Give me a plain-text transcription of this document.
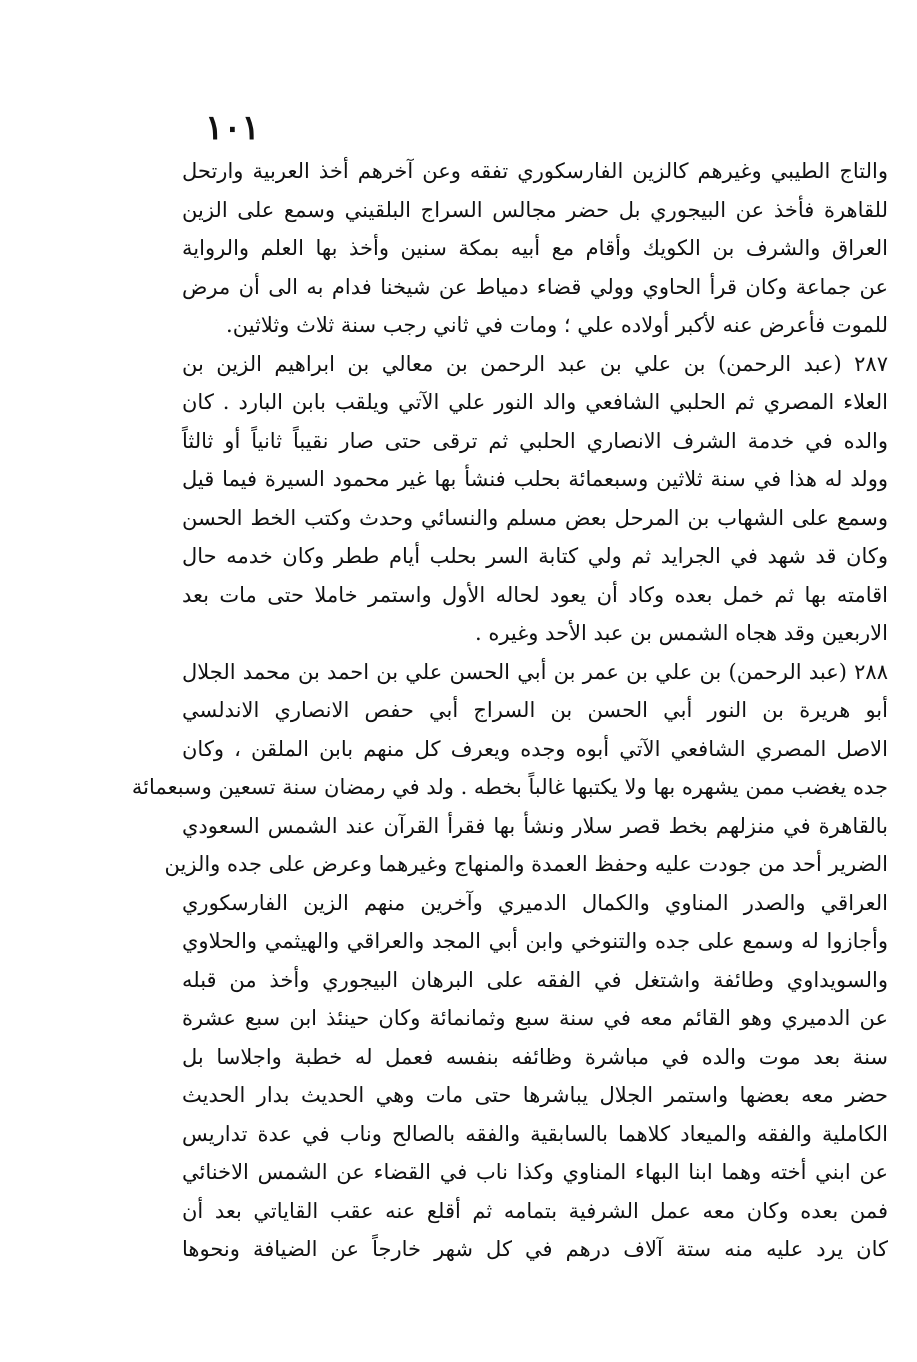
١٠١
والتاج الطيبي وغيرهم كالزين الفارسكوري تفقه وعن آخرهم أخذ العربية وارتحل
للقاهرة فأخذ عن البيجوري بل حضر مجالس السراج البلقيني وسمع على الزين
العراق والشرف بن الكويك وأقام مع أبيه بمكة سنين وأخذ بها العلم والرواية
عن جماعة وكان قرأ الحاوي وولي قضاء دمياط عن شيخنا فدام به الى أن مرض
للموت فأعرض عنه لأكبر أولاده علي ؛ ومات في ثاني رجب سنة ثلاث وثلاثين.
٢٨٧ (عبد الرحمن) بن علي بن عبد الرحمن بن معالي بن ابراهيم الزين بن
العلاء المصري ثم الحلبي الشافعي والد النور علي الآتي ويلقب بابن البارد . كان
والده في خدمة الشرف الانصاري الحلبي ثم ترقى حتى صار نقيباً ثانياً أو ثالثاً
وولد له هذا في سنة ثلاثين وسبعمائة بحلب فنشأ بها غير محمود السيرة فيما قيل
وسمع على الشهاب بن المرحل بعض مسلم والنسائي وحدث وكتب الخط الحسن
وكان قد شهد في الجرايد ثم ولي كتابة السر بحلب أيام ططر وكان خدمه حال
اقامته بها ثم خمل بعده وكاد أن يعود لحاله الأول واستمر خاملا حتى مات بعد
الاربعين وقد هجاه الشمس بن عبد الأحد وغيره .
٢٨٨ (عبد الرحمن) بن علي بن عمر بن أبي الحسن علي بن احمد بن محمد الجلال
أبو هريرة بن النور أبي الحسن بن السراج أبي حفص الانصاري الاندلسي
الاصل المصري الشافعي الآتي أبوه وجده ويعرف كل منهم بابن الملقن ، وكان
جده يغضب ممن يشهره بها ولا يكتبها غالباً بخطه . ولد في رمضان سنة تسعين وسبعمائة
بالقاهرة في منزلهم بخط قصر سلار ونشأ بها فقرأ القرآن عند الشمس السعودي
الضرير أحد من جودت عليه وحفظ العمدة والمنهاج وغيرهما وعرض على جده والزين
العراقي والصدر المناوي والكمال الدميري وآخرين منهم الزين الفارسكوري
وأجازوا له وسمع على جده والتنوخي وابن أبي المجد والعراقي والهيثمي والحلاوي
والسويداوي وطائفة واشتغل في الفقه على البرهان البيجوري وأخذ من قبله
عن الدميري وهو القائم معه في سنة سبع وثمانمائة وكان حينئذ ابن سبع عشرة
سنة بعد موت والده في مباشرة وظائفه بنفسه فعمل له خطبة واجلاسا بل
حضر معه بعضها واستمر الجلال يباشرها حتى مات وهي الحديث بدار الحديث
الكاملية والفقه والميعاد كلاهما بالسابقية والفقه بالصالح وناب في عدة تداريس
عن ابني أخته وهما ابنا البهاء المناوي وكذا ناب في القضاء عن الشمس الاخنائي
فمن بعده وكان معه عمل الشرفية بتمامه ثم أقلع عنه عقب القاياتي بعد أن
كان يرد عليه منه ستة آلاف درهم في كل شهر خارجاً عن الضيافة ونحوها
